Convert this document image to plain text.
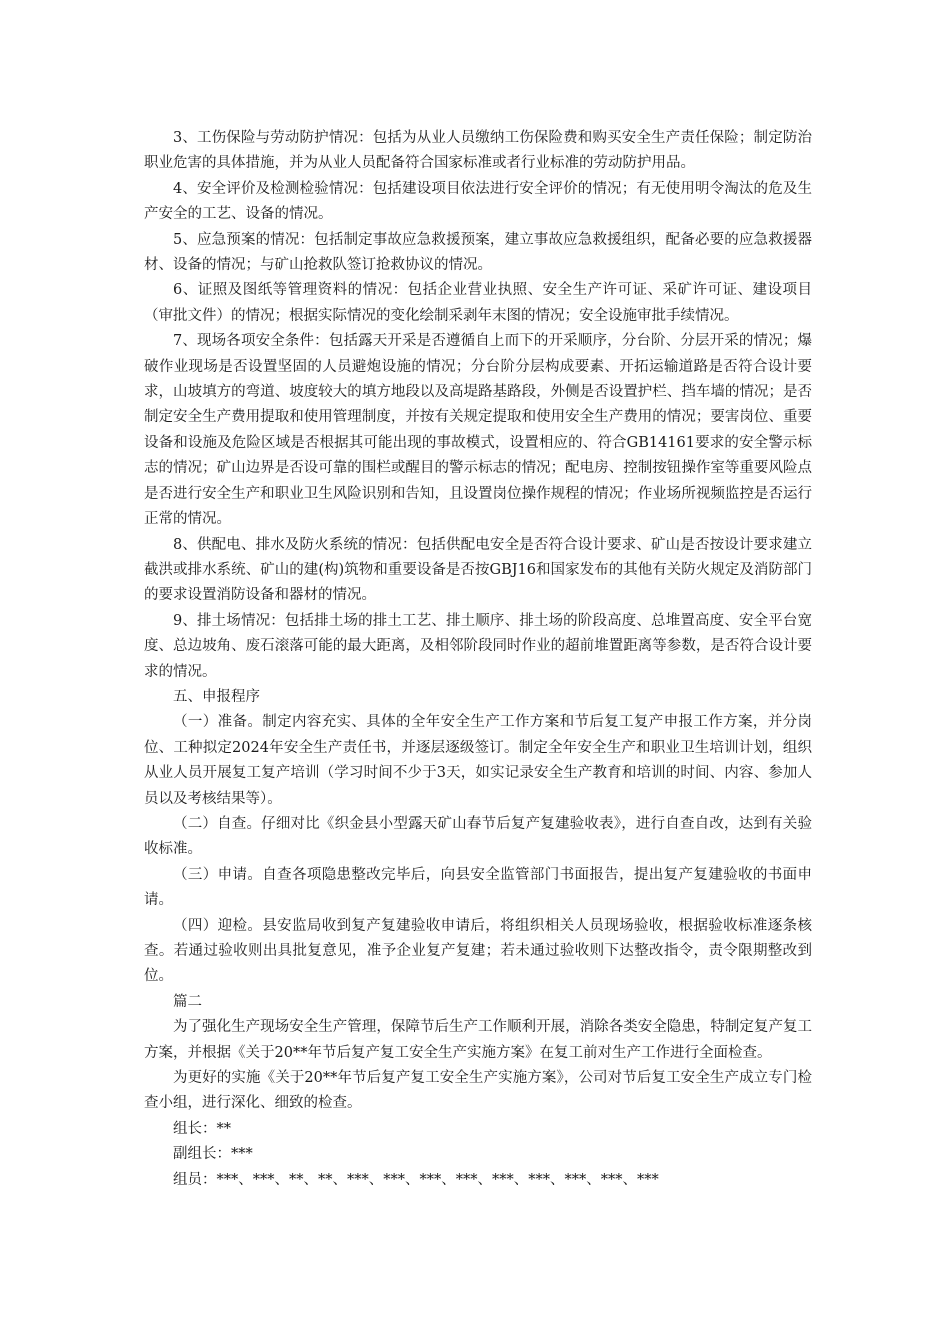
3、工伤保险与劳动防护情况：包括为从业人员缴纳工伤保险费和购买安全生产责任保险；制定防治职业危害的具体措施，并为从业人员配备符合国家标准或者行业标准的劳动防护用品。

4、安全评价及检测检验情况：包括建设项目依法进行安全评价的情况；有无使用明令淘汰的危及生产安全的工艺、设备的情况。

5、应急预案的情况：包括制定事故应急救援预案，建立事故应急救援组织，配备必要的应急救援器材、设备的情况；与矿山抢救队签订抢救协议的情况。

6、证照及图纸等管理资料的情况：包括企业营业执照、安全生产许可证、采矿许可证、建设项目（审批文件）的情况；根据实际情况的变化绘制采剥年末图的情况；安全设施审批手续情况。

7、现场各项安全条件：包括露天开采是否遵循自上而下的开采顺序，分台阶、分层开采的情况；爆破作业现场是否设置坚固的人员避炮设施的情况；分台阶分层构成要素、开拓运输道路是否符合设计要求，山坡填方的弯道、坡度较大的填方地段以及高堤路基路段，外侧是否设置护栏、挡车墙的情况；是否制定安全生产费用提取和使用管理制度，并按有关规定提取和使用安全生产费用的情况；要害岗位、重要设备和设施及危险区域是否根据其可能出现的事故模式，设置相应的、符合GB14161要求的安全警示标志的情况；矿山边界是否设可靠的围栏或醒目的警示标志的情况；配电房、控制按钮操作室等重要风险点是否进行安全生产和职业卫生风险识别和告知，且设置岗位操作规程的情况；作业场所视频监控是否运行正常的情况。

8、供配电、排水及防火系统的情况：包括供配电安全是否符合设计要求、矿山是否按设计要求建立截洪或排水系统、矿山的建(构)筑物和重要设备是否按GBJ16和国家发布的其他有关防火规定及消防部门的要求设置消防设备和器材的情况。

9、排土场情况：包括排土场的排土工艺、排土顺序、排土场的阶段高度、总堆置高度、安全平台宽度、总边坡角、废石滚落可能的最大距离，及相邻阶段同时作业的超前堆置距离等参数，是否符合设计要求的情况。

五、申报程序

（一）准备。制定内容充实、具体的全年安全生产工作方案和节后复工复产申报工作方案，并分岗位、工种拟定2024年安全生产责任书，并逐层逐级签订。制定全年安全生产和职业卫生培训计划，组织从业人员开展复工复产培训（学习时间不少于3天，如实记录安全生产教育和培训的时间、内容、参加人员以及考核结果等）。

（二）自查。仔细对比《织金县小型露天矿山春节后复产复建验收表》，进行自查自改，达到有关验收标准。

（三）申请。自查各项隐患整改完毕后，向县安全监管部门书面报告，提出复产复建验收的书面申请。

（四）迎检。县安监局收到复产复建验收申请后，将组织相关人员现场验收，根据验收标准逐条核查。若通过验收则出具批复意见，准予企业复产复建；若未通过验收则下达整改指令，责令限期整改到位。

篇二

为了强化生产现场安全生产管理，保障节后生产工作顺利开展，消除各类安全隐患，特制定复产复工方案，并根据《关于20**年节后复产复工安全生产实施方案》在复工前对生产工作进行全面检查。

为更好的实施《关于20**年节后复产复工安全生产实施方案》，公司对节后复工安全生产成立专门检查小组，进行深化、细致的检查。

组长：**

副组长：***

组员：***、***、**、**、***、***、***、***、***、***、***、***、***
